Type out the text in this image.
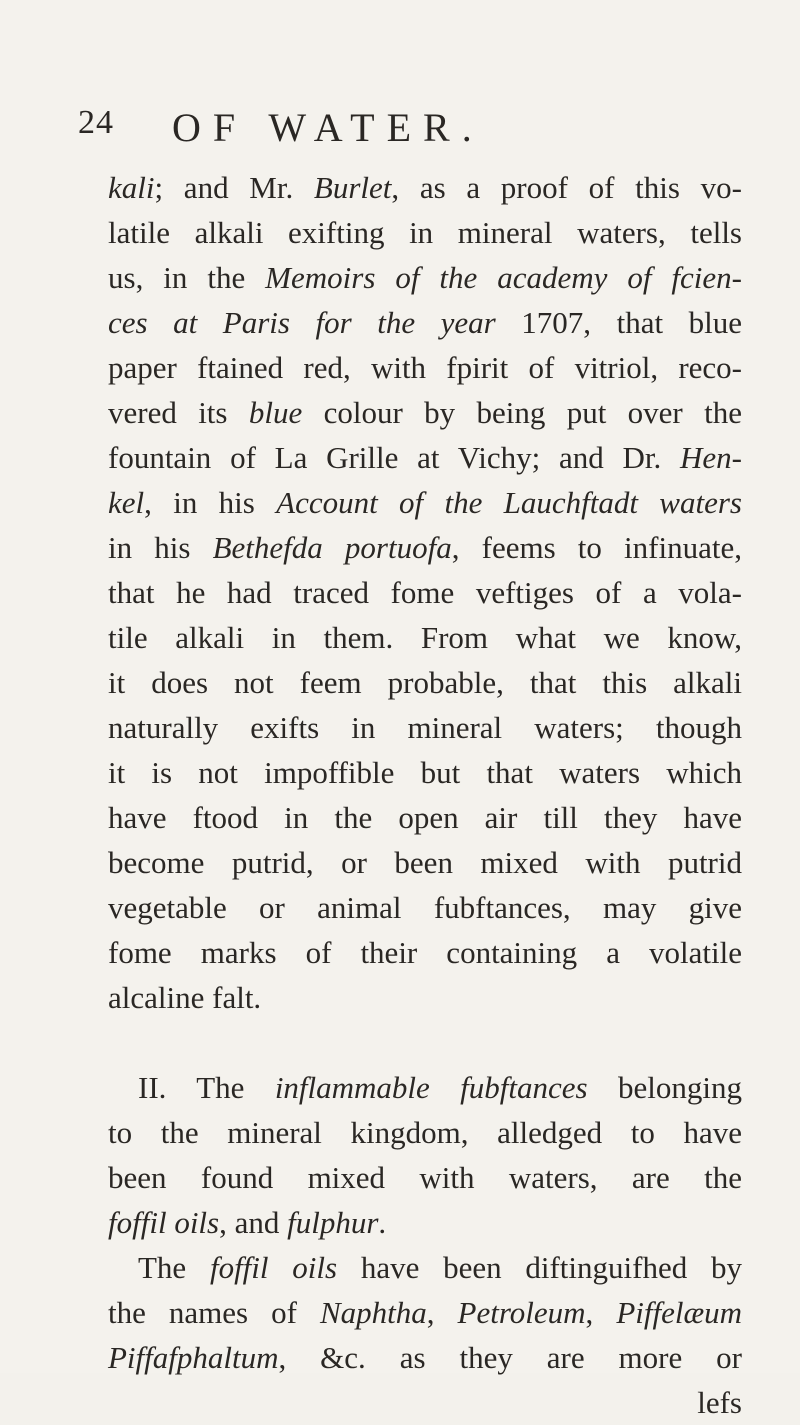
24 OF WATER.
kali; and Mr. Burlet, as a proof of this vo-
latile alkali exifting in mineral waters, tells
us, in the Memoirs of the academy of fcien-
ces at Paris for the year 1707, that blue
paper ftained red, with fpirit of vitriol, reco-
vered its blue colour by being put over the
fountain of La Grille at Vichy; and Dr. Hen-
kel, in his Account of the Lauchftadt waters
in his Bethefda portuofa, feems to infinuate,
that he had traced fome veftiges of a vola-
tile alkali in them. From what we know,
it does not feem probable, that this alkali
naturally exifts in mineral waters; though
it is not impoffible but that waters which
have ftood in the open air till they have
become putrid, or been mixed with putrid
vegetable or animal fubftances, may give
fome marks of their containing a volatile
alcaline falt.
II. The inflammable fubftances belonging
to the mineral kingdom, alledged to have
been found mixed with waters, are the
foffil oils, and fulphur.
The foffil oils have been diftinguifhed by
the names of Naphtha, Petroleum, Piffelæum
Piffafphaltum, &c. as they are more or
lefs
